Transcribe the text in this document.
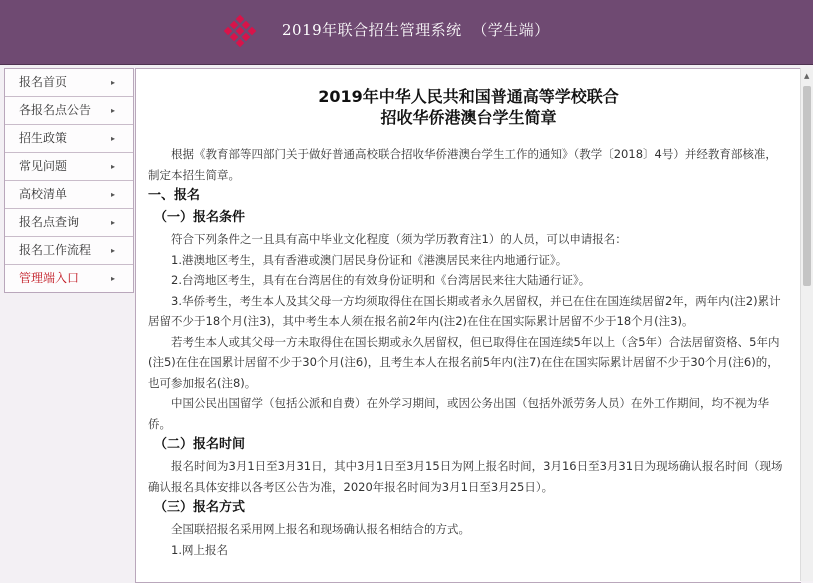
2019年联合招生管理系统  （学生端）
报名首页	▸
各报名点公告 ▸
招生政策	▸
常见问题	▸
高校清单	▸
报名点查询	▸
报名工作流程 ▸
管理端入口	▸
2019年中华人民共和国普通高等学校联合
招收华侨港澳台学生简章

根据《教育部等四部门关于做好普通高校联合招收华侨港澳台学生工作的通知》（教学〔2018〕4号）并经教育部核准，制定本招生简章。

一、报名

（一）报名条件

符合下列条件之一且具有高中毕业文化程度（须为学历教育注1）的人员，可以申请报名：

1.港澳地区考生，具有香港或澳门居民身份证和《港澳居民来往内地通行证》。

2.台湾地区考生，具有在台湾居住的有效身份证明和《台湾居民来往大陆通行证》。

3.华侨考生，考生本人及其父母一方均须取得住在国长期或者永久居留权，并已在住在国连续居留2年，两年内(注2)累计居留不少于18个月(注3)，其中考生本人须在报名前2年内(注2)在住在国实际累计居留不少于18个月(注3)。

若考生本人或其父母一方未取得住在国长期或永久居留权，但已取得住在国连续5年以上（含5年）合法居留资格、5年内(注5)在住在国累计居留不少于30个月(注6)，且考生本人在报名前5年内(注7)在住在国实际累计居留不少于30个月(注6)的，也可参加报名(注8)。

中国公民出国留学（包括公派和自费）在外学习期间，或因公务出国（包括外派劳务人员）在外工作期间，均不视为华侨。

（二）报名时间

报名时间为3月1日至3月31日，其中3月1日至3月15日为网上报名时间，3月16日至3月31日为现场确认报名时间（现场确认报名具体安排以各考区公告为准，2020年报名时间为3月1日至3月25日）。

（三）报名方式

全国联招报名采用网上报名和现场确认报名相结合的方式。

1.网上报名

▲
